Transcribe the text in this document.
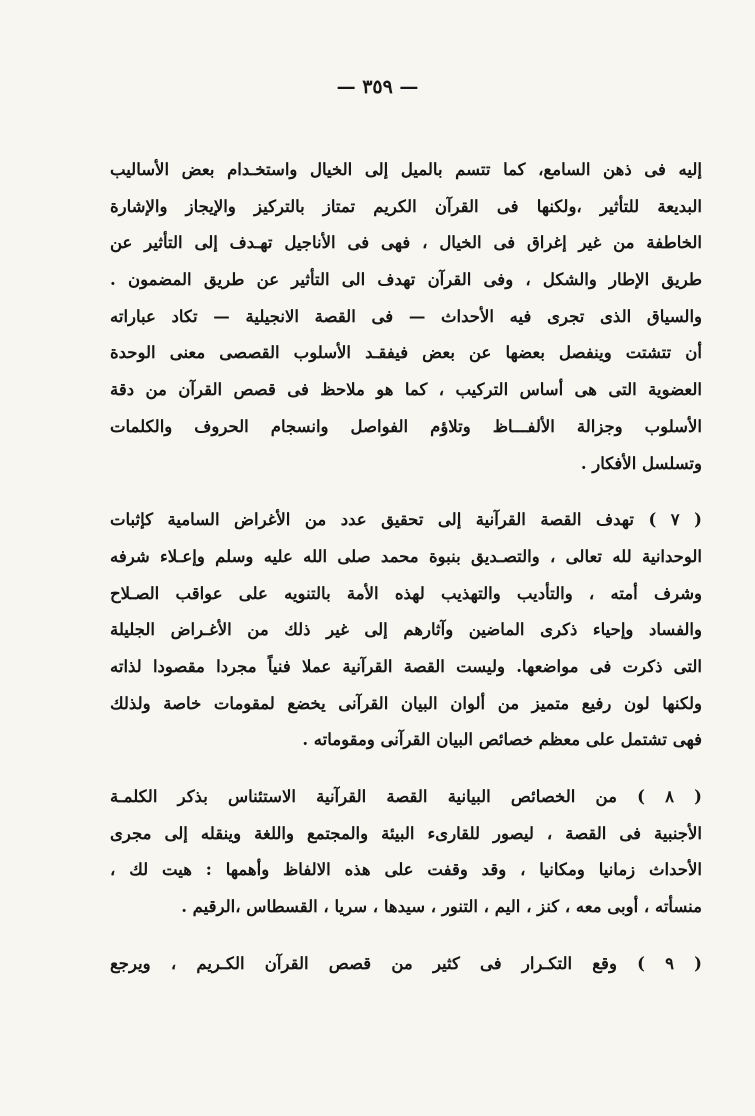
— ٣٥٩ —
إليه فى ذهن السامع، كما تتسم بالميل إلى الخيال واستخـدام بعض الأساليب
البديعة للتأثير ،ولكنها فى القرآن الكريم تمتاز بالتركيز والإيجاز والإشارة
الخاطفة من غير إغراق فى الخيال ، فهى فى الأناجيل تهـدف إلى التأثير عن
طريق الإطار والشكل ، وفى القرآن تهدف الى التأثير عن طريق المضمون .
والسياق الذى تجرى فيه الأحداث — فى القصة الانجيلية — تكاد عباراته
أن تتشتت وينفصل بعضها عن بعض فيفقـد الأسلوب القصصى معنى الوحدة
العضوية التى هى أساس التركيب ، كما هو ملاحظ فى قصص القرآن من دقة
الأسلوب وجزالة الألفـــاظ وتلاؤم الفواصل وانسجام الحروف والكلمات
وتسلسل الأفكار .
( ٧ ) تهدف القصة القرآنية إلى تحقيق عدد من الأغراض السامية كإثبات
الوحدانية لله تعالى ، والتصـديق بنبوة محمد صلى الله عليه وسلم وإعـلاء شرفه
وشرف أمته ، والتأديب والتهذيب لهذه الأمة بالتنويه على عواقب الصـلاح
والفساد وإحياء ذكرى الماضين وآثارهم إلى غير ذلك من الأغـراض الجليلة
التى ذكرت فى مواضعها. وليست القصة القرآنية عملا فنياً مجردا مقصودا لذاته
ولكنها لون رفيع متميز من ألوان البيان القرآنى يخضع لمقومات خاصة ولذلك
فهى تشتمل على معظم خصائص البيان القرآنى ومقوماته .
( ٨ ) من الخصائص البيانية القصة القرآنية الاستئناس بذكر الكلمـة
الأجنبية فى القصة ، ليصور للقارىء البيئة والمجتمع واللغة وينقله إلى مجرى
الأحداث زمانيا ومكانيا ، وقد وقفت على هذه الالفاظ وأهمها : هيت لك ،
منسأته ، أوبى معه ، كنز ، اليم ، التنور ، سيدها ، سريا ، القسطاس ،الرقيم .
( ٩ ) وقع التكـرار فى كثير من قصص القرآن الكـريم ، ويرجع
